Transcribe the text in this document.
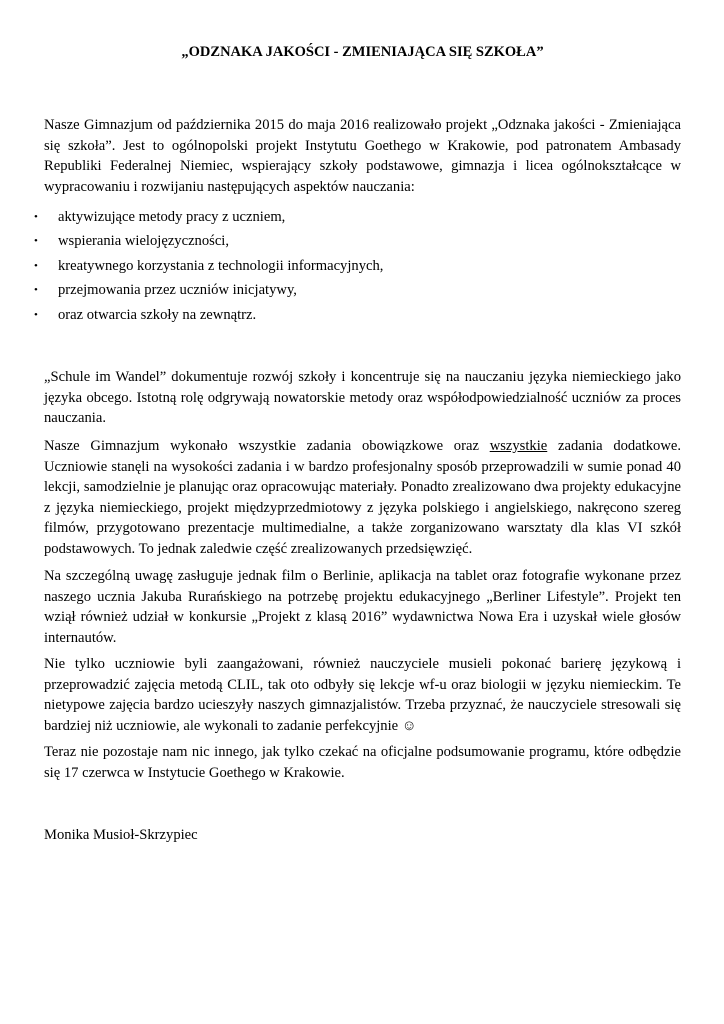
„ODZNAKA JAKOŚCI - ZMIENIAJĄCA SIĘ SZKOŁA”

Nasze Gimnazjum od października 2015 do maja 2016 realizowało projekt „Odznaka jakości - Zmieniająca się szkoła”. Jest to ogólnopolski projekt Instytutu Goethego w Krakowie, pod patronatem Ambasady Republiki Federalnej Niemiec, wspierający szkoły podstawowe, gimnazja i licea ogólnokształcące w wypracowaniu i rozwijaniu następujących aspektów nauczania:

• aktywizujące metody pracy z uczniem,
• wspierania wielojęzyczności,
• kreatywnego korzystania z technologii informacyjnych,
• przejmowania przez uczniów inicjatywy,
• oraz otwarcia szkoły na zewnątrz.

„Schule im Wandel” dokumentuje rozwój szkoły i koncentruje się na nauczaniu języka niemieckiego jako języka obcego. Istotną rolę odgrywają nowatorskie metody oraz współodpowiedzialność uczniów za proces nauczania.

Nasze Gimnazjum wykonało wszystkie zadania obowiązkowe oraz wszystkie zadania dodatkowe. Uczniowie stanęli na wysokości zadania i w bardzo profesjonalny sposób przeprowadzili w sumie ponad 40 lekcji, samodzielnie je planując oraz opracowując materiały. Ponadto zrealizowano dwa projekty edukacyjne z języka niemieckiego, projekt międzyprzedmiotowy z języka polskiego i angielskiego, nakręcono szereg filmów, przygotowano prezentacje multimedialne, a także zorganizowano warsztaty dla klas VI szkół podstawowych. To jednak zaledwie część zrealizowanych przedsięwzięć.

Na szczególną uwagę zasługuje jednak film o Berlinie, aplikacja na tablet oraz fotografie wykonane przez naszego ucznia Jakuba Rurańskiego na potrzebę projektu edukacyjnego „Berliner Lifestyle”. Projekt ten wziął również udział w konkursie „Projekt z klasą 2016” wydawnictwa Nowa Era i uzyskał wiele głosów internautów.

Nie tylko uczniowie byli zaangażowani, również nauczyciele musieli pokonać barierę językową i przeprowadzić zajęcia metodą CLIL, tak oto odbyły się lekcje wf-u oraz biologii w języku niemieckim. Te nietypowe zajęcia bardzo ucieszyły naszych gimnazjalistów. Trzeba przyznać, że nauczyciele stresowali się bardziej niż uczniowie, ale wykonali to zadanie perfekcyjnie ☺

Teraz nie pozostaje nam nic innego, jak tylko czekać na oficjalne podsumowanie programu, które odbędzie się 17 czerwca w Instytucie Goethego w Krakowie.

Monika Musioł-Skrzypiec
